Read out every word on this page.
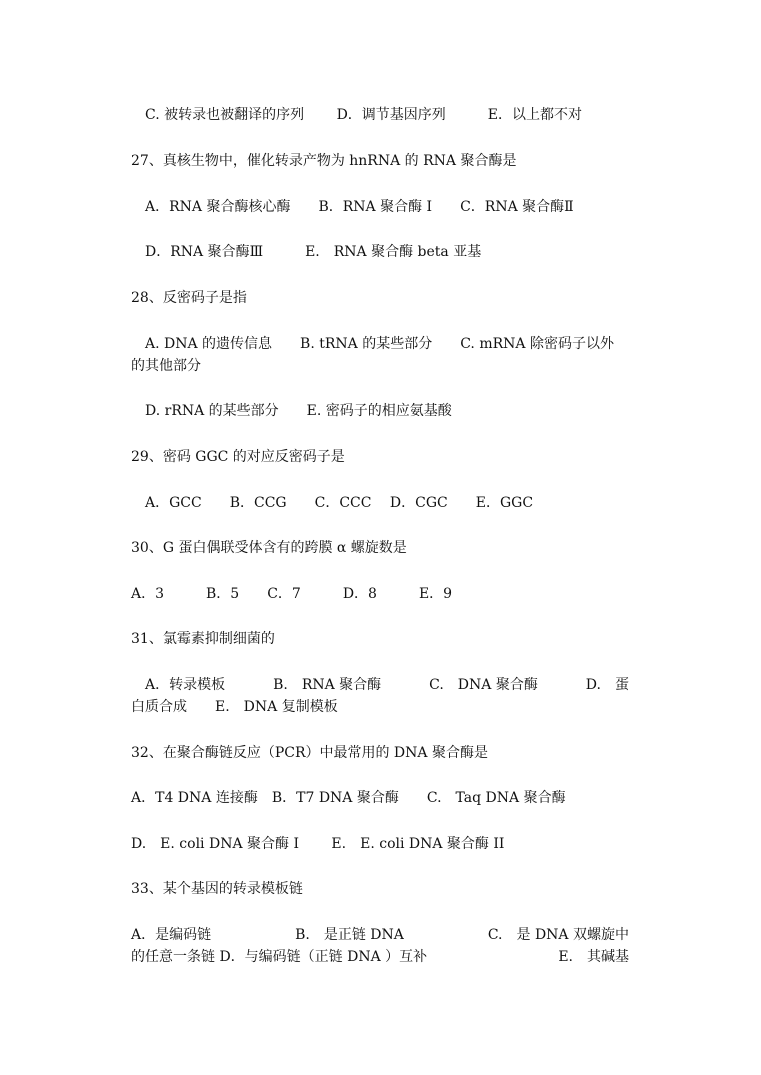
C. 被转录也被翻译的序列　　 D．调节基因序列　　　E．以上都不对
27、真核生物中，催化转录产物为 hnRNA 的 RNA 聚合酶是
A．RNA 聚合酶核心酶　　B．RNA 聚合酶 I　　C．RNA 聚合酶Ⅱ
D．RNA 聚合酶Ⅲ　　　E.　RNA 聚合酶 beta 亚基
28、反密码子是指
A. DNA 的遗传信息　　B. tRNA 的某些部分　　C. mRNA 除密码子以外
的其他部分
D. rRNA 的某些部分　　E. 密码子的相应氨基酸
29、密码 GGC 的对应反密码子是
A．GCC　　B．CCG　　C．CCC　 D．CGC　　E．GGC
30、G 蛋白偶联受体含有的跨膜 α 螺旋数是
A．3　　　B．5　　C．7　　　D．8　　　E．9
31、氯霉素抑制细菌的
A．转录模板	B.　RNA 聚合酶	C.　DNA 聚合酶	D.　蛋
白质合成　　E.　DNA 复制模板
32、在聚合酶链反应（PCR）中最常用的 DNA 聚合酶是
A．T4 DNA 连接酶　B．T7 DNA 聚合酶　　C.　Taq DNA 聚合酶
D.　E. coli DNA 聚合酶 I　　 E.　E. coli DNA 聚合酶 II
33、某个基因的转录模板链
A．是编码链	B.　是正链 DNA	C.　是 DNA 双螺旋中
的任意一条链 D．与编码链（正链 DNA ）互补	E.　其碱基
